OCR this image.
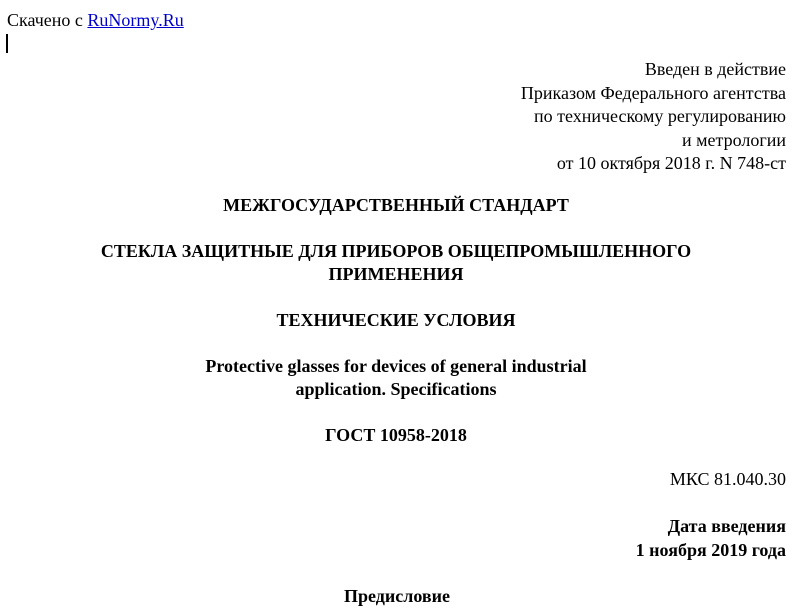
Скачено с RuNormy.Ru
Введен в действие
Приказом Федерального агентства
по техническому регулированию
и метрологии
от 10 октября 2018 г. N 748-ст
МЕЖГОСУДАРСТВЕННЫЙ СТАНДАРТ
СТЕКЛА ЗАЩИТНЫЕ ДЛЯ ПРИБОРОВ ОБЩЕПРОМЫШЛЕННОГО
ПРИМЕНЕНИЯ
ТЕХНИЧЕСКИЕ УСЛОВИЯ
Protective glasses for devices of general industrial
application. Specifications
ГОСТ 10958-2018
МКС 81.040.30
Дата введения
1 ноября 2019 года
Предисловие
